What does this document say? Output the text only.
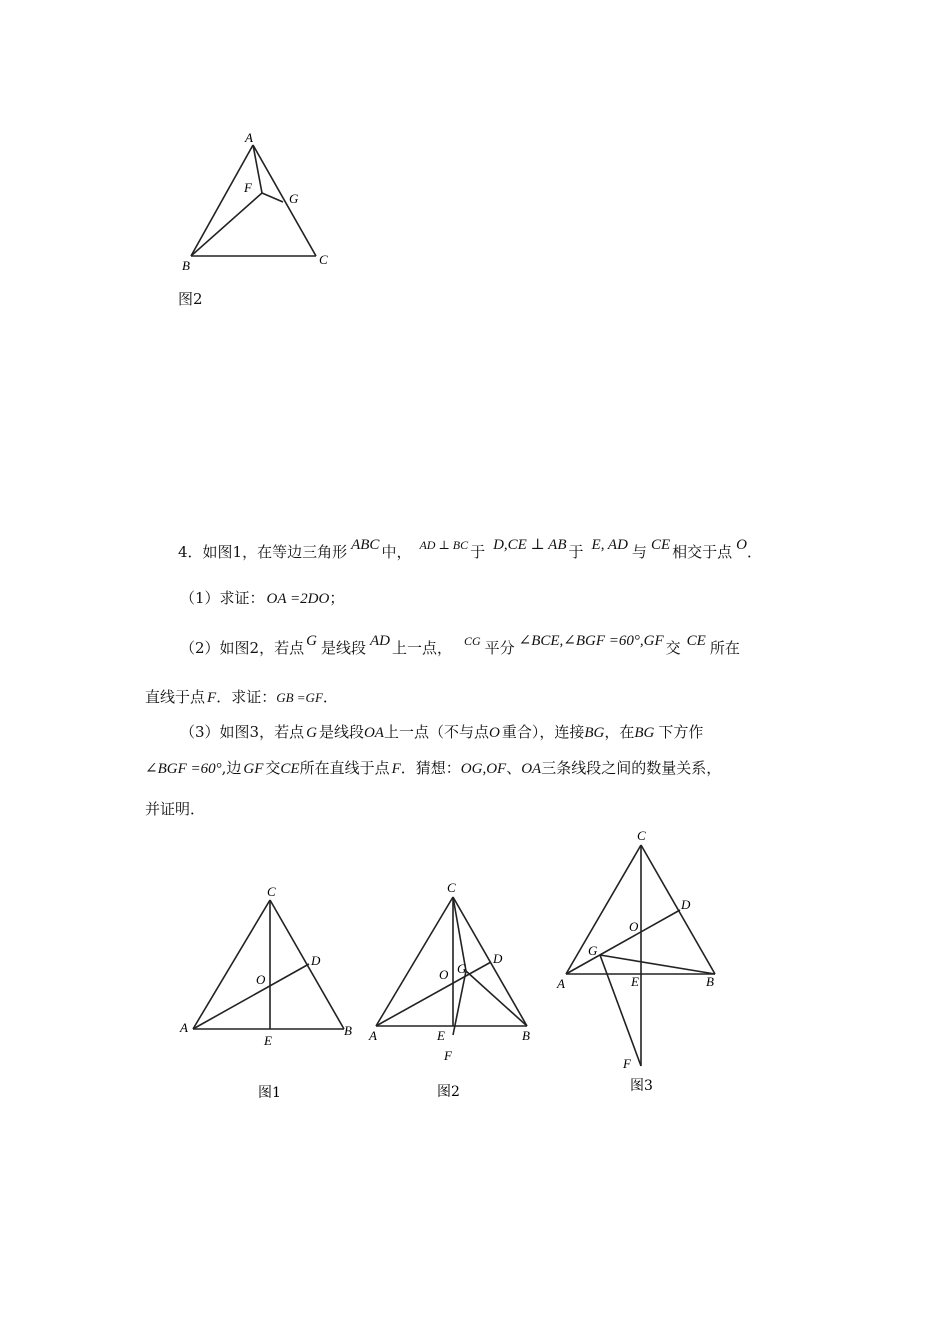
A
F
G
B	C
图2
4．如图1，在等边三角形 ABC 中， $^{AD \perp BC}$ 于 D,CE ⊥ AB 于 E, AD 与 CE 相交于点 O．
（1）求证： OA =2DO；
（2）如图2，若点 G 是线段 AD 上一点， $^{CG}$ 平分 ∠BCE,∠BGF =60°,GF 交 CE 所在
直线于点 F．求证：GB =GF．
（3）如图3，若点 G 是线段OA上一点（不与点O 重合），连接BG，在BG 下方作
∠BGF =60°,边 GF 交CE所在直线于点 F．猜想：OG,OF、OA三条线段之间的数量关系，
并证明．
C
D
O
A
E
B
图1
C
D
G
O
A	E
F
B
图2
C
D
O
G
A	E	B
F
图3
